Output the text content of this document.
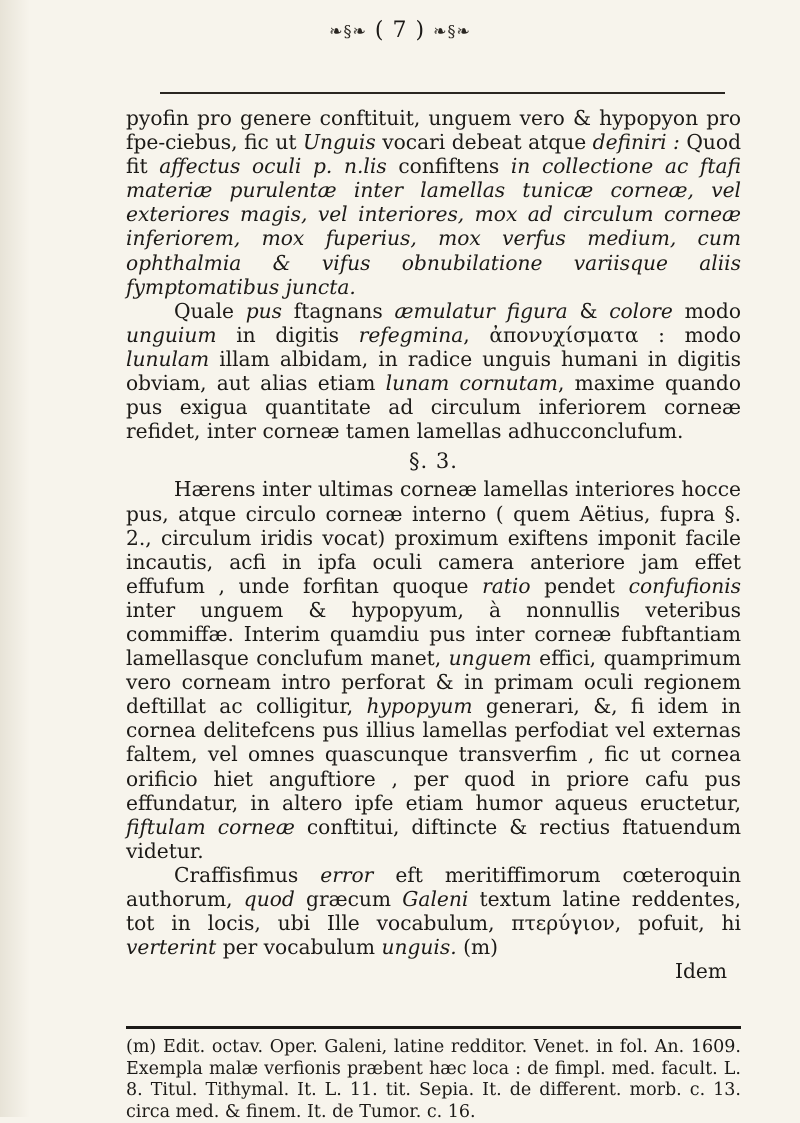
❧§❧ ( 7 ) ❧§❧

pyofin pro genere conftituit, unguem vero & hypopyon pro fpe-ciebus, fic ut Unguis vocari debeat atque definiri : Quod fit affectus oculi p. n.lis confiftens in collectione ac ftafi materiæ purulentæ inter lamellas tunicæ corneæ, vel exteriores magis, vel interiores, mox ad circulum corneæ inferiorem, mox fuperius, mox verfus medium, cum ophthalmia & vifus obnubilatione variisque aliis fymptomatibus juncta.

Quale pus ftagnans æmulatur figura & colore modo unguium in digitis refegmina, ἀπονυχίσματα : modo lunulam illam albidam, in radice unguis humani in digitis obviam, aut alias etiam lunam cornutam, maxime quando pus exigua quantitate ad circulum inferiorem corneæ refidet, inter corneæ tamen lamellas adhucconclufum.

§. 3.

Hærens inter ultimas corneæ lamellas interiores hocce pus, atque circulo corneæ interno ( quem Aëtius, fupra §. 2., circulum iridis vocat) proximum exiftens imponit facile incautis, acfi in ipfa oculi camera anteriore jam effet effufum , unde forfitan quoque ratio pendet confufionis inter unguem & hypopyum, à nonnullis veteribus commiffæ. Interim quamdiu pus inter corneæ fubftantiam lamellasque conclufum manet, unguem effici, quamprimum vero corneam intro perforat & in primam oculi regionem deftillat ac colligitur, hypopyum generari, &, fi idem in cornea delitefcens pus illius lamellas perfodiat vel externas faltem, vel omnes quascunque transverfim , fic ut cornea orificio hiet anguftiore , per quod in priore cafu pus effundatur, in altero ipfe etiam humor aqueus eructetur, fiftulam corneæ conftitui, diftincte & rectius ftatuendum videtur.

Craffisfimus error eft meritiffimorum cœteroquin authorum, quod græcum Galeni textum latine reddentes, tot in locis, ubi Ille vocabulum, πτερύγιον, pofuit, hi verterint per vocabulum unguis. (m)

Idem

(m) Edit. octav. Oper. Galeni, latine redditor. Venet. in fol. An. 1609. Exempla malæ verfionis præbent hæc loca : de fimpl. med. facult. L. 8. Titul. Tithymal. It. L. 11. tit. Sepia. It. de different. morb. c. 13. circa med. & finem. It. de Tumor. c. 16.
